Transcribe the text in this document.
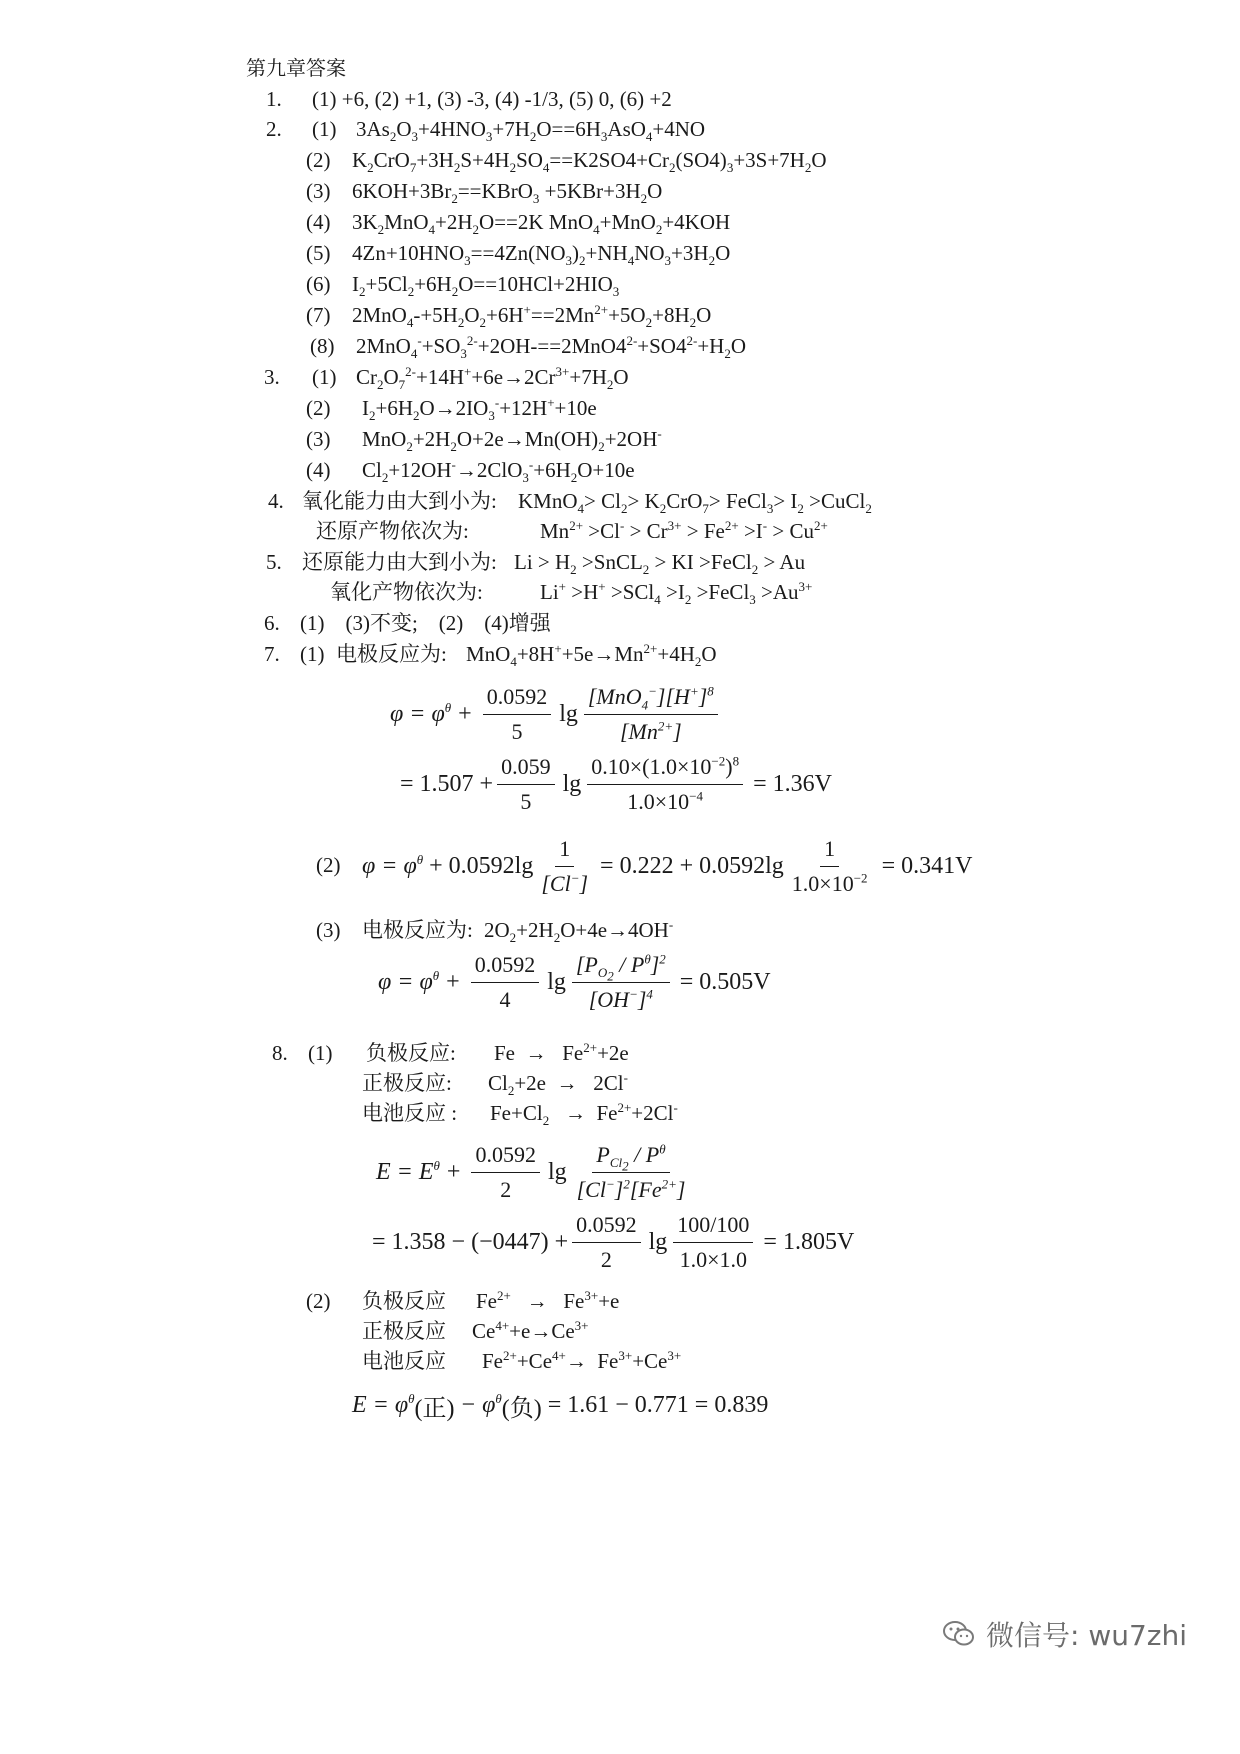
第九章答案
1. (1) +6, (2) +1, (3) -3, (4) -1/3, (5) 0, (6) +2
2. (1) $3As_2O_3+4HNO_3+7H_2O==6H_3AsO_4+4NO$
(2) $K_2CrO_7+3H_2S+4H_2SO_4==K2SO4+Cr_2(SO4)_3+3S+7H_2O$
(3) $6KOH+3Br_2==KBrO_3 +5KBr+3H_2O$
(4) $3K_2MnO_4+2H_2O==2K$ MnO$_4$+MnO$_2$+4KOH
(5) $4Zn+10HNO_3==4Zn(NO_3)_2+NH_4NO_3+3H_2O$
(6) $I_2+5Cl_2+6H_2O==10HCl+2HIO_3$
(7) $2MnO_4-+5H_2O_2+6H^+==2Mn^{2+}+5O_2+8H_2O$
(8) $2MnO_4^-+SO_3^{2-}+2OH-==2MnO4^{2-}+SO4^{2-}+H_2O$
3. (1) $Cr_2O_7^{2-}+14H^++6e\to 2Cr^{3+}+7H_2O$
(2) $I_2+6H_2O\to 2IO_3^-+12H^++10e$
(3) $MnO_2+2H_2O+2e\to Mn(OH)_2+2OH^-$
(4) $Cl_2+12OH^-\to 2ClO_3^-+6H_2O+10e$
4. 氧化能力由大到小为: KMnO$_4$> $Cl_2> K_2CrO_7>$ FeCl$_3$> $I_2$ >CuCl$_2$
还原产物依次为:	$Mn^{2+} >Cl^- > Cr^{3+} > Fe^{2+} >I^- > Cu^{2+}$
5. 还原能力由大到小为: $Li > H_2$ >SnCL$_2$ > KI >FeCl$_2$ > Au
氧化产物依次为:	$Li^+ >H^+ >SCl_4 >I_2$ >FeCl$_3$ $>Au^{3+}$
6. (1)　(3)不变;　(2)　(4)增强
7. (1) 电极反应为: $MnO_4+8H^++5e\to Mn^{2+}+4H_2O$
$\varphi = \varphi^\theta + \frac{0.0592}{5}$ $\lg \frac{[MnO_4^-][H^+]^8}{[Mn^{2+}]}$
= $1.507 + \frac{0.059}{5}$ $\lg \frac{0.10\times(1.0\times 10^{-2})^8}{1.0\times 10^{-4}} = 1.36V$
(2) $\varphi = \varphi^\theta + 0.0592\lg \frac{1}{[Cl^-]} = 0.222 + 0.0592\lg \frac{1}{1.0\times 10^{-2}} = 0.341V$
(3) 电极反应为: $2O_2+2H_2O+4e\to 4OH^-$
$\varphi = \varphi^\theta + \frac{0.0592}{4}$ $\lg \frac{[P_{O_2} / P^\theta]^2}{[OH^-]^4} = 0.505V$
8. (1) 负极反应: $Fe \to Fe^{2+}+2e$
正极反应: $Cl_2+2e \to 2Cl^-$
电池反应 : $Fe+Cl_2 \to Fe^{2+}+2Cl^-$
$E = E^\theta + \frac{0.0592}{2}$ $\lg \frac{P_{Cl_2} / P^\theta}{[Cl^-]^2[Fe^{2+}]}$
= $1.358 - (-0447) + \frac{0.0592}{2}$ $\lg \frac{100/100}{1.0\times 1.0} = 1.805V$
(2) 负极反应 $Fe^{2+} \to Fe^{3+}+e$
正极反应 $Ce^{4+}+e\to Ce^{3+}$
电池反应 $Fe^{2+}+Ce^{4+}\to Fe^{3+}+Ce^{3+}$
$E = \varphi^\theta$ (正) − $\varphi^\theta$ (负) = 1.61 − 0.771 = 0.839
微信号: wu7zhi
